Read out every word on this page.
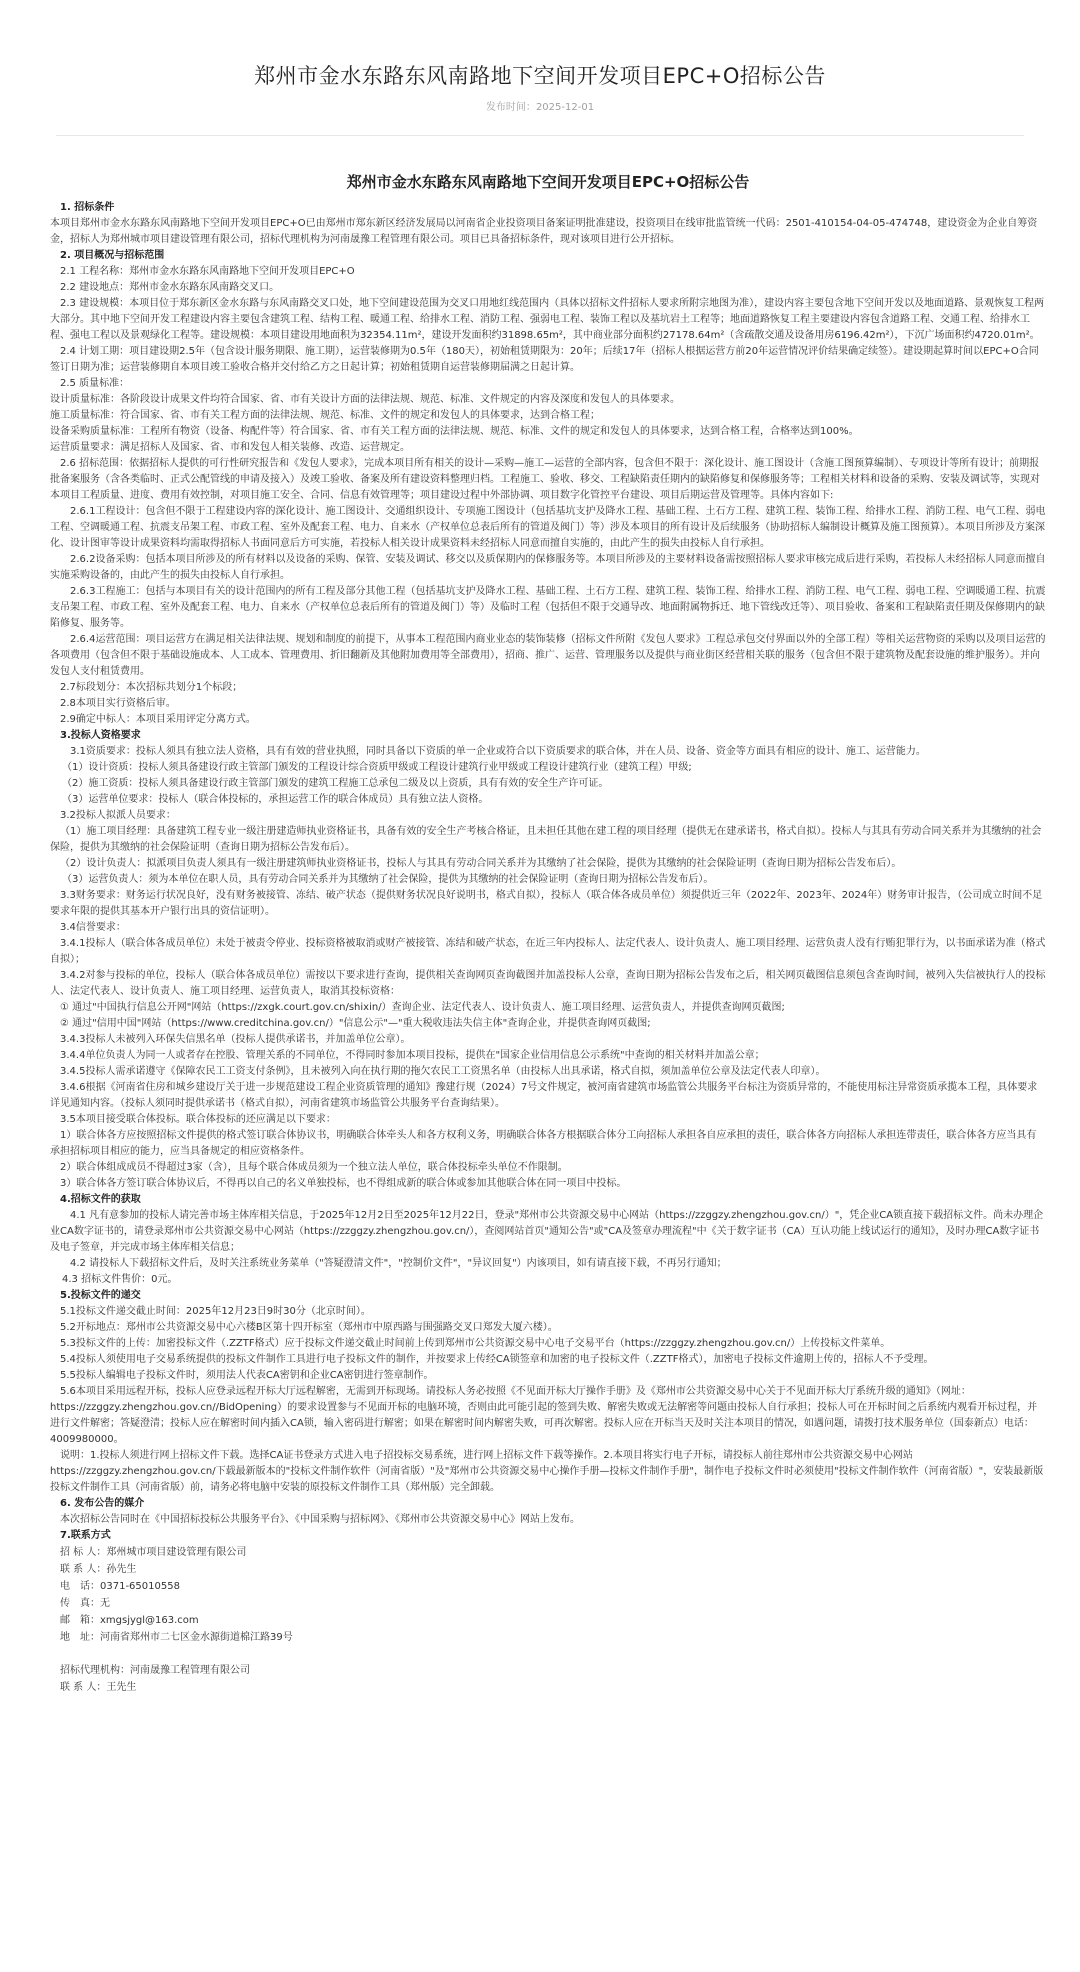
郑州市金水东路东风南路地下空间开发项目EPC+O招标公告
发布时间：2025-12-01
郑州市金水东路东风南路地下空间开发项目EPC+O招标公告
1. 招标条件

本项目郑州市金水东路东风南路地下空间开发项目EPC+O已由郑州市郑东新区经济发展局以河南省企业投资项目备案证明批准建设，投资项目在线审批监管统一代码：2501-410154-04-05-474748，建设资金为企业自筹资金，招标人为郑州城市项目建设管理有限公司，招标代理机构为河南晟豫工程管理有限公司。项目已具备招标条件，现对该项目进行公开招标。

2. 项目概况与招标范围

2.1 工程名称：郑州市金水东路东风南路地下空间开发项目EPC+O

2.2 建设地点：郑州市金水东路东风南路交叉口。

2.3 建设规模：本项目位于郑东新区金水东路与东风南路交叉口处，地下空间建设范围为交叉口用地红线范围内（具体以招标文件招标人要求所附宗地图为准），建设内容主要包含地下空间开发以及地面道路、景观恢复工程两大部分。其中地下空间开发工程建设内容主要包含建筑工程、结构工程、暖通工程、给排水工程、消防工程、强弱电工程、装饰工程以及基坑岩土工程等；地面道路恢复工程主要建设内容包含道路工程、交通工程、给排水工程、强电工程以及景观绿化工程等。建设规模：本项目建设用地面积为32354.11m²，建设开发面积约31898.65m²，其中商业部分面积约27178.64m²（含疏散交通及设备用房6196.42m²），下沉广场面积约4720.01m²。

2.4 计划工期：项目建设期2.5年（包含设计服务期限、施工期），运营装修期为0.5年（180天），初始租赁期限为：20年；后续17年（招标人根据运营方前20年运营情况评价结果确定续签）。建设期起算时间以EPC+O合同签订日期为准；运营装修期自本项目竣工验收合格并交付给乙方之日起计算；初始租赁期自运营装修期届满之日起计算。

2.5 质量标准：

设计质量标准：各阶段设计成果文件均符合国家、省、市有关设计方面的法律法规、规范、标准、文件规定的内容及深度和发包人的具体要求。

施工质量标准：符合国家、省、市有关工程方面的法律法规、规范、标准、文件的规定和发包人的具体要求，达到合格工程；

设备采购质量标准：工程所有物资（设备、构配件等）符合国家、省、市有关工程方面的法律法规、规范、标准、文件的规定和发包人的具体要求，达到合格工程，合格率达到100%。

运营质量要求：满足招标人及国家、省、市和发包人相关装修、改造、运营规定。

2.6 招标范围：依据招标人提供的可行性研究报告和《发包人要求》，完成本项目所有相关的设计—采购—施工—运营的全部内容，包含但不限于：深化设计、施工图设计（含施工图预算编制）、专项设计等所有设计；前期报批备案服务（含各类临时、正式公配管线的申请及接入）及竣工验收、备案及所有建设资料整理归档。工程施工、验收、移交、工程缺陷责任期内的缺陷修复和保修服务等；工程相关材料和设备的采购、安装及调试等，实现对本项目工程质量、进度、费用有效控制，对项目施工安全、合同、信息有效管理等；项目建设过程中外部协调、项目数字化管控平台建设、项目后期运营及管理等。具体内容如下:

2.6.1工程设计：包含但不限于工程建设内容的深化设计、施工图设计、交通组织设计、专项施工图设计（包括基坑支护及降水工程、基础工程、土石方工程、建筑工程、装饰工程、给排水工程、消防工程、电气工程、弱电工程、空调暖通工程、抗震支吊架工程、市政工程、室外及配套工程、电力、自来水（产权单位总表后所有的管道及阀门）等）涉及本项目的所有设计及后续服务（协助招标人编制设计概算及施工图预算）。本项目所涉及方案深化、设计图审等设计成果资料均需取得招标人书面同意后方可实施，若投标人相关设计成果资料未经招标人同意而擅自实施的，由此产生的损失由投标人自行承担。

2.6.2设备采购：包括本项目所涉及的所有材料以及设备的采购、保管、安装及调试、移交以及质保期内的保修服务等。本项目所涉及的主要材料设备需按照招标人要求审核完成后进行采购，若投标人未经招标人同意而擅自实施采购设备的，由此产生的损失由投标人自行承担。

2.6.3工程施工：包括与本项目有关的设计范围内的所有工程及部分其他工程（包括基坑支护及降水工程、基础工程、土石方工程、建筑工程、装饰工程、给排水工程、消防工程、电气工程、弱电工程、空调暖通工程、抗震支吊架工程、市政工程、室外及配套工程、电力、自来水（产权单位总表后所有的管道及阀门）等）及临时工程（包括但不限于交通导改、地面附属物拆迁、地下管线改迁等）、项目验收、备案和工程缺陷责任期及保修期内的缺陷修复、服务等。

2.6.4运营范围：项目运营方在满足相关法律法规、规划和制度的前提下，从事本工程范围内商业业态的装饰装修（招标文件所附《发包人要求》工程总承包交付界面以外的全部工程）等相关运营物资的采购以及项目运营的各项费用（包含但不限于基础设施成本、人工成本、管理费用、折旧翻新及其他附加费用等全部费用），招商、推广、运营、管理服务以及提供与商业街区经营相关联的服务（包含但不限于建筑物及配套设施的维护服务）。并向发包人支付租赁费用。

2.7标段划分：本次招标共划分1个标段；

2.8本项目实行资格后审。

2.9确定中标人：本项目采用评定分离方式。

3.投标人资格要求

3.1资质要求：投标人须具有独立法人资格，具有有效的营业执照，同时具备以下资质的单一企业或符合以下资质要求的联合体，并在人员、设备、资金等方面具有相应的设计、施工、运营能力。

（1）设计资质：投标人须具备建设行政主管部门颁发的工程设计综合资质甲级或工程设计建筑行业甲级或工程设计建筑行业（建筑工程）甲级;

（2）施工资质：投标人须具备建设行政主管部门颁发的建筑工程施工总承包二级及以上资质，具有有效的安全生产许可证。

（3）运营单位要求：投标人（联合体投标的，承担运营工作的联合体成员）具有独立法人资格。

3.2投标人拟派人员要求：

（1）施工项目经理：具备建筑工程专业一级注册建造师执业资格证书，具备有效的安全生产考核合格证，且未担任其他在建工程的项目经理（提供无在建承诺书，格式自拟）。投标人与其具有劳动合同关系并为其缴纳的社会保险，提供为其缴纳的社会保险证明（查询日期为招标公告发布后）。

（2）设计负责人：拟派项目负责人须具有一级注册建筑师执业资格证书，投标人与其具有劳动合同关系并为其缴纳了社会保险，提供为其缴纳的社会保险证明（查询日期为招标公告发布后）。

（3）运营负责人：须为本单位在职人员，具有劳动合同关系并为其缴纳了社会保险，提供为其缴纳的社会保险证明（查询日期为招标公告发布后）。

3.3财务要求：财务运行状况良好，没有财务被接管、冻结、破产状态（提供财务状况良好说明书，格式自拟），投标人（联合体各成员单位）须提供近三年（2022年、2023年、2024年）财务审计报告，（公司成立时间不足要求年限的提供其基本开户银行出具的资信证明）。

3.4信誉要求：

3.4.1投标人（联合体各成员单位）未处于被责令停业、投标资格被取消或财产被接管、冻结和破产状态，在近三年内投标人、法定代表人、设计负责人、施工项目经理、运营负责人没有行贿犯罪行为，以书面承诺为准（格式自拟）；

3.4.2对参与投标的单位，投标人（联合体各成员单位）需按以下要求进行查询，提供相关查询网页查询截图并加盖投标人公章，查询日期为招标公告发布之后，相关网页截图信息须包含查询时间，被列入失信被执行人的投标人、法定代表人、设计负责人、施工项目经理、运营负责人，取消其投标资格：

① 通过"中国执行信息公开网"网站（https://zxgk.court.gov.cn/shixin/）查询企业、法定代表人、设计负责人、施工项目经理、运营负责人，并提供查询网页截图;

② 通过"信用中国"网站（https://www.creditchina.gov.cn/）"信息公示"—"重大税收违法失信主体"查询企业，并提供查询网页截图;

3.4.3投标人未被列入环保失信黑名单（投标人提供承诺书，并加盖单位公章）。

3.4.4单位负责人为同一人或者存在控股、管理关系的不同单位，不得同时参加本项目投标，提供在"国家企业信用信息公示系统"中查询的相关材料并加盖公章；

3.4.5投标人需承诺遵守《保障农民工工资支付条例》，且未被列入向在执行期的拖欠农民工工资黑名单（由投标人出具承诺，格式自拟，须加盖单位公章及法定代表人印章）。

3.4.6根据《河南省住房和城乡建设厅关于进一步规范建设工程企业资质管理的通知》豫建行规（2024）7号文件规定，被河南省建筑市场监管公共服务平台标注为资质异常的，不能使用标注异常资质承揽本工程，具体要求详见通知内容。（投标人须同时提供承诺书（格式自拟），河南省建筑市场监管公共服务平台查询结果）。

3.5本项目接受联合体投标。联合体投标的还应满足以下要求：

1）联合体各方应按照招标文件提供的格式签订联合体协议书，明确联合体牵头人和各方权利义务，明确联合体各方根据联合体分工向招标人承担各自应承担的责任，联合体各方向招标人承担连带责任，联合体各方应当具有承担招标项目相应的能力，应当具备规定的相应资格条件。

2）联合体组成成员不得超过3家（含），且每个联合体成员须为一个独立法人单位，联合体投标牵头单位不作限制。

3）联合体各方签订联合体协议后，不得再以自己的名义单独投标，也不得组成新的联合体或参加其他联合体在同一项目中投标。

4.招标文件的获取

4.1 凡有意参加的投标人请完善市场主体库相关信息，于2025年12月2日至2025年12月22日，登录"郑州市公共资源交易中心网站（https://zzggzy.zhengzhou.gov.cn/）"，凭企业CA锁直接下载招标文件。尚未办理企业CA数字证书的，请登录郑州市公共资源交易中心网站（https://zzggzy.zhengzhou.gov.cn/），查阅网站首页"通知公告"或"CA及签章办理流程"中《关于数字证书（CA）互认功能上线试运行的通知》，及时办理CA数字证书及电子签章，并完成市场主体库相关信息；

4.2 请投标人下载招标文件后，及时关注系统业务菜单（"答疑澄清文件"，"控制价文件"，"异议回复"）内该项目，如有请直接下载，不再另行通知；

4.3 招标文件售价：0元。

5.投标文件的递交

5.1投标文件递交截止时间：2025年12月23日9时30分（北京时间）。

5.2开标地点：郑州市公共资源交易中心六楼B区第十四开标室（郑州市中原西路与围强路交叉口郑发大厦六楼）。

5.3投标文件的上传：加密投标文件（.ZZTF格式）应于投标文件递交截止时间前上传到郑州市公共资源交易中心电子交易平台（https://zzggzy.zhengzhou.gov.cn/）上传投标文件菜单。

5.4投标人须使用电子交易系统提供的投标文件制作工具进行电子投标文件的制作，并按要求上传经CA锁签章和加密的电子投标文件（.ZZTF格式），加密电子投标文件逾期上传的，招标人不予受理。

5.5投标人编辑电子投标文件时，须用法人代表CA密钥和企业CA密钥进行签章制作。

5.6本项目采用远程开标，投标人应登录远程开标大厅远程解密，无需到开标现场。请投标人务必按照《不见面开标大厅操作手册》及《郑州市公共资源交易中心关于不见面开标大厅系统升级的通知》（网址：https://zzggzy.zhengzhou.gov.cn//BidOpening）的要求设置参与不见面开标的电脑环境，否则由此可能引起的签到失败、解密失败或无法解密等问题由投标人自行承担；投标人可在开标时间之后系统内观看开标过程，并进行文件解密；答疑澄清；投标人应在解密时间内插入CA锁，输入密码进行解密；如果在解密时间内解密失败，可再次解密。投标人应在开标当天及时关注本项目的情况，如遇问题，请拨打技术服务单位（国泰新点）电话：4009980000。

说明：1.投标人须进行网上招标文件下载。选择CA证书登录方式进入电子招投标交易系统，进行网上招标文件下载等操作。2.本项目将实行电子开标，请投标人前往郑州市公共资源交易中心网站https://zzggzy.zhengzhou.gov.cn/下载最新版本的"投标文件制作软件（河南省版）"及"郑州市公共资源交易中心操作手册—投标文件制作手册"，制作电子投标文件时必须使用"投标文件制作软件（河南省版）"，安装最新版投标文件制作工具（河南省版）前，请务必将电脑中安装的原投标文件制作工具（郑州版）完全卸载。

6. 发布公告的媒介

本次招标公告同时在《中国招标投标公共服务平台》、《中国采购与招标网》、《郑州市公共资源交易中心》网站上发布。

7.联系方式

招 标 人：郑州城市项目建设管理有限公司

联 系 人：孙先生

电　话：0371-65010558

传　真：无

邮　箱：xmgsjygl@163.com

地　址：河南省郑州市二七区金水源街道棉江路39号

招标代理机构：河南晟豫工程管理有限公司

联 系 人：王先生
